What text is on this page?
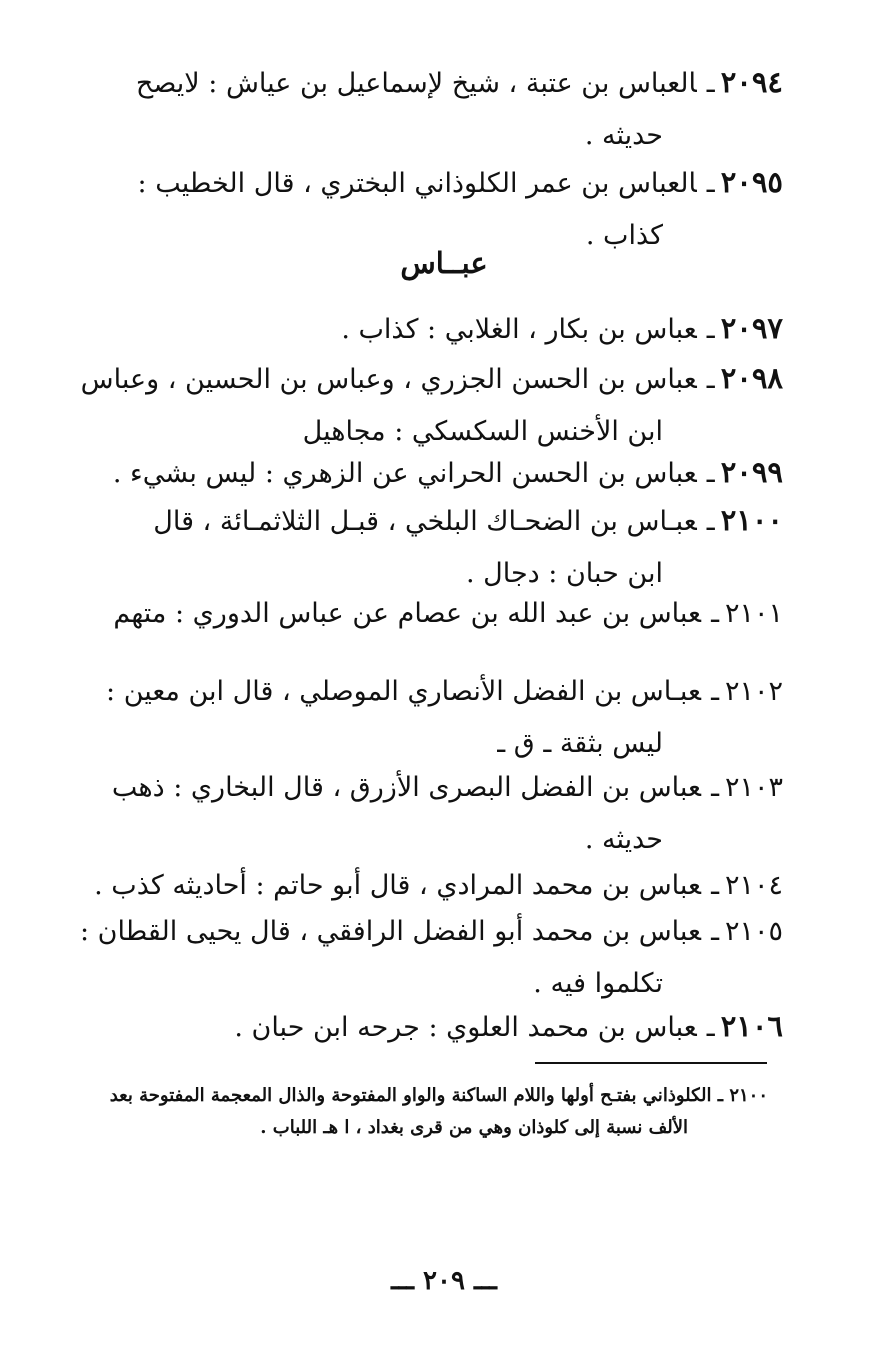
٢٠٩٤ـالعباس بن عتبة ، شيخ لإسماعيل بن عياش : لايصح
حديثه .
٢٠٩٥ـالعباس بن عمر الكلوذاني البختري ، قال الخطيب :
كذاب .
عبــاس
٢٠٩٧ـعباس بن بكار ، الغلابي : كذاب .
٢٠٩٨ـعباس بن الحسن الجزري ، وعباس بن الحسين ، وعباس
ابن الأخنس السكسكي : مجاهيل
٢٠٩٩ـعباس بن الحسن الحراني عن الزهري : ليس بشيء .
٢١٠٠ـعبـاس بن الضحـاك البلخي ، قبـل الثلاثمـائة ، قال
ابن حبان : دجال .
٢١٠١ـعباس بن عبد الله بن عصام عن عباس الدوري : متهم
٢١٠٢ـعبـاس بن الفضل الأنصاري الموصلي ، قال ابن معين :
ليس بثقة ـ ق ـ
٢١٠٣ـعباس بن الفضل البصرى الأزرق ، قال البخاري : ذهب
حديثه .
٢١٠٤ـعباس بن محمد المرادي ، قال أبو حاتم : أحاديثه كذب .
٢١٠٥ـعباس بن محمد أبو الفضل الرافقي ، قال يحيى القطان :
تكلموا فيه .
٢١٠٦ـعباس بن محمد العلوي : جرحه ابن حبان .
٢١٠٠ ـ الكلوذاني بفتـح أولها واللام الساكنة والواو المفتوحة والذال المعجمة المفتوحة بعد
الألف نسبة إلى كلوذان وهي من قرى بغداد ، ا هـ اللباب .
ـــ ٢٠٩ ـــ
